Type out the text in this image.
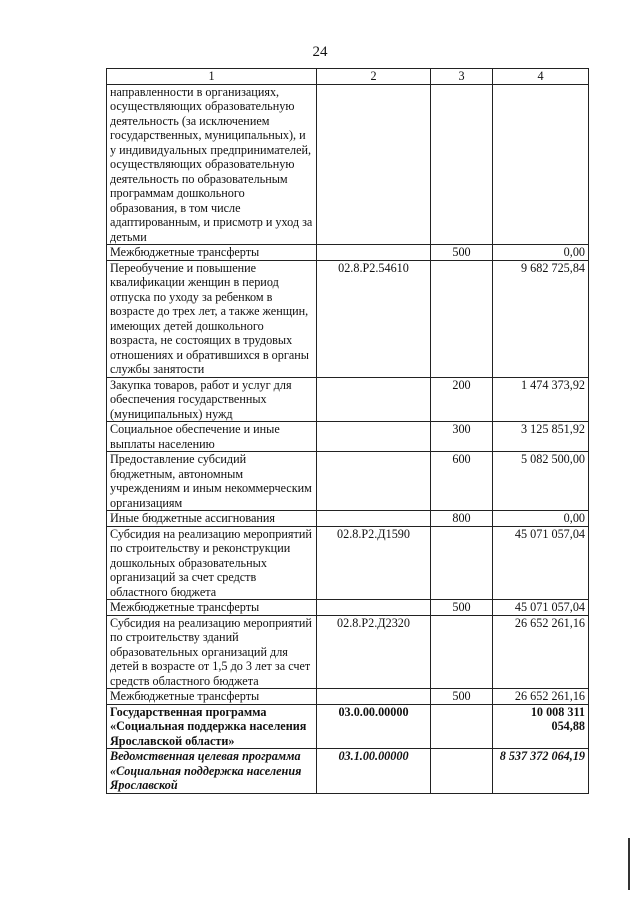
24
1	2	3	4
направленности в организациях, осуществляющих образовательную деятельность (за исключением государственных, муниципальных), и у индивидуальных предпринимателей, осуществляющих образовательную деятельность по образовательным программам дошкольного образования, в том числе адаптированным, и присмотр и уход за детьми			
Межбюджетные трансферты		500	0,00
Переобучение и повышение квалификации женщин в период отпуска по уходу за ребенком в возрасте до трех лет, а также женщин, имеющих детей дошкольного возраста, не состоящих в трудовых отношениях и обратившихся в органы службы занятости	02.8.Р2.54610		9 682 725,84
Закупка товаров, работ и услуг для обеспечения государственных (муниципальных) нужд		200	1 474 373,92
Социальное обеспечение и иные выплаты населению		300	3 125 851,92
Предоставление субсидий бюджетным, автономным учреждениям и иным некоммерческим организациям		600	5 082 500,00
Иные бюджетные ассигнования		800	0,00
Субсидия на реализацию мероприятий по строительству и реконструкции дошкольных образовательных организаций за счет средств областного бюджета	02.8.Р2.Д1590		45 071 057,04
Межбюджетные трансферты		500	45 071 057,04
Субсидия на реализацию мероприятий по строительству зданий образовательных организаций для детей в возрасте от 1,5 до 3 лет за счет средств областного бюджета	02.8.Р2.Д2320		26 652 261,16
Межбюджетные трансферты		500	26 652 261,16
Государственная программа «Социальная поддержка населения Ярославской области»	03.0.00.00000		10 008 311 054,88
Ведомственная целевая программа «Социальная поддержка населения Ярославской	03.1.00.00000		8 537 372 064,19
